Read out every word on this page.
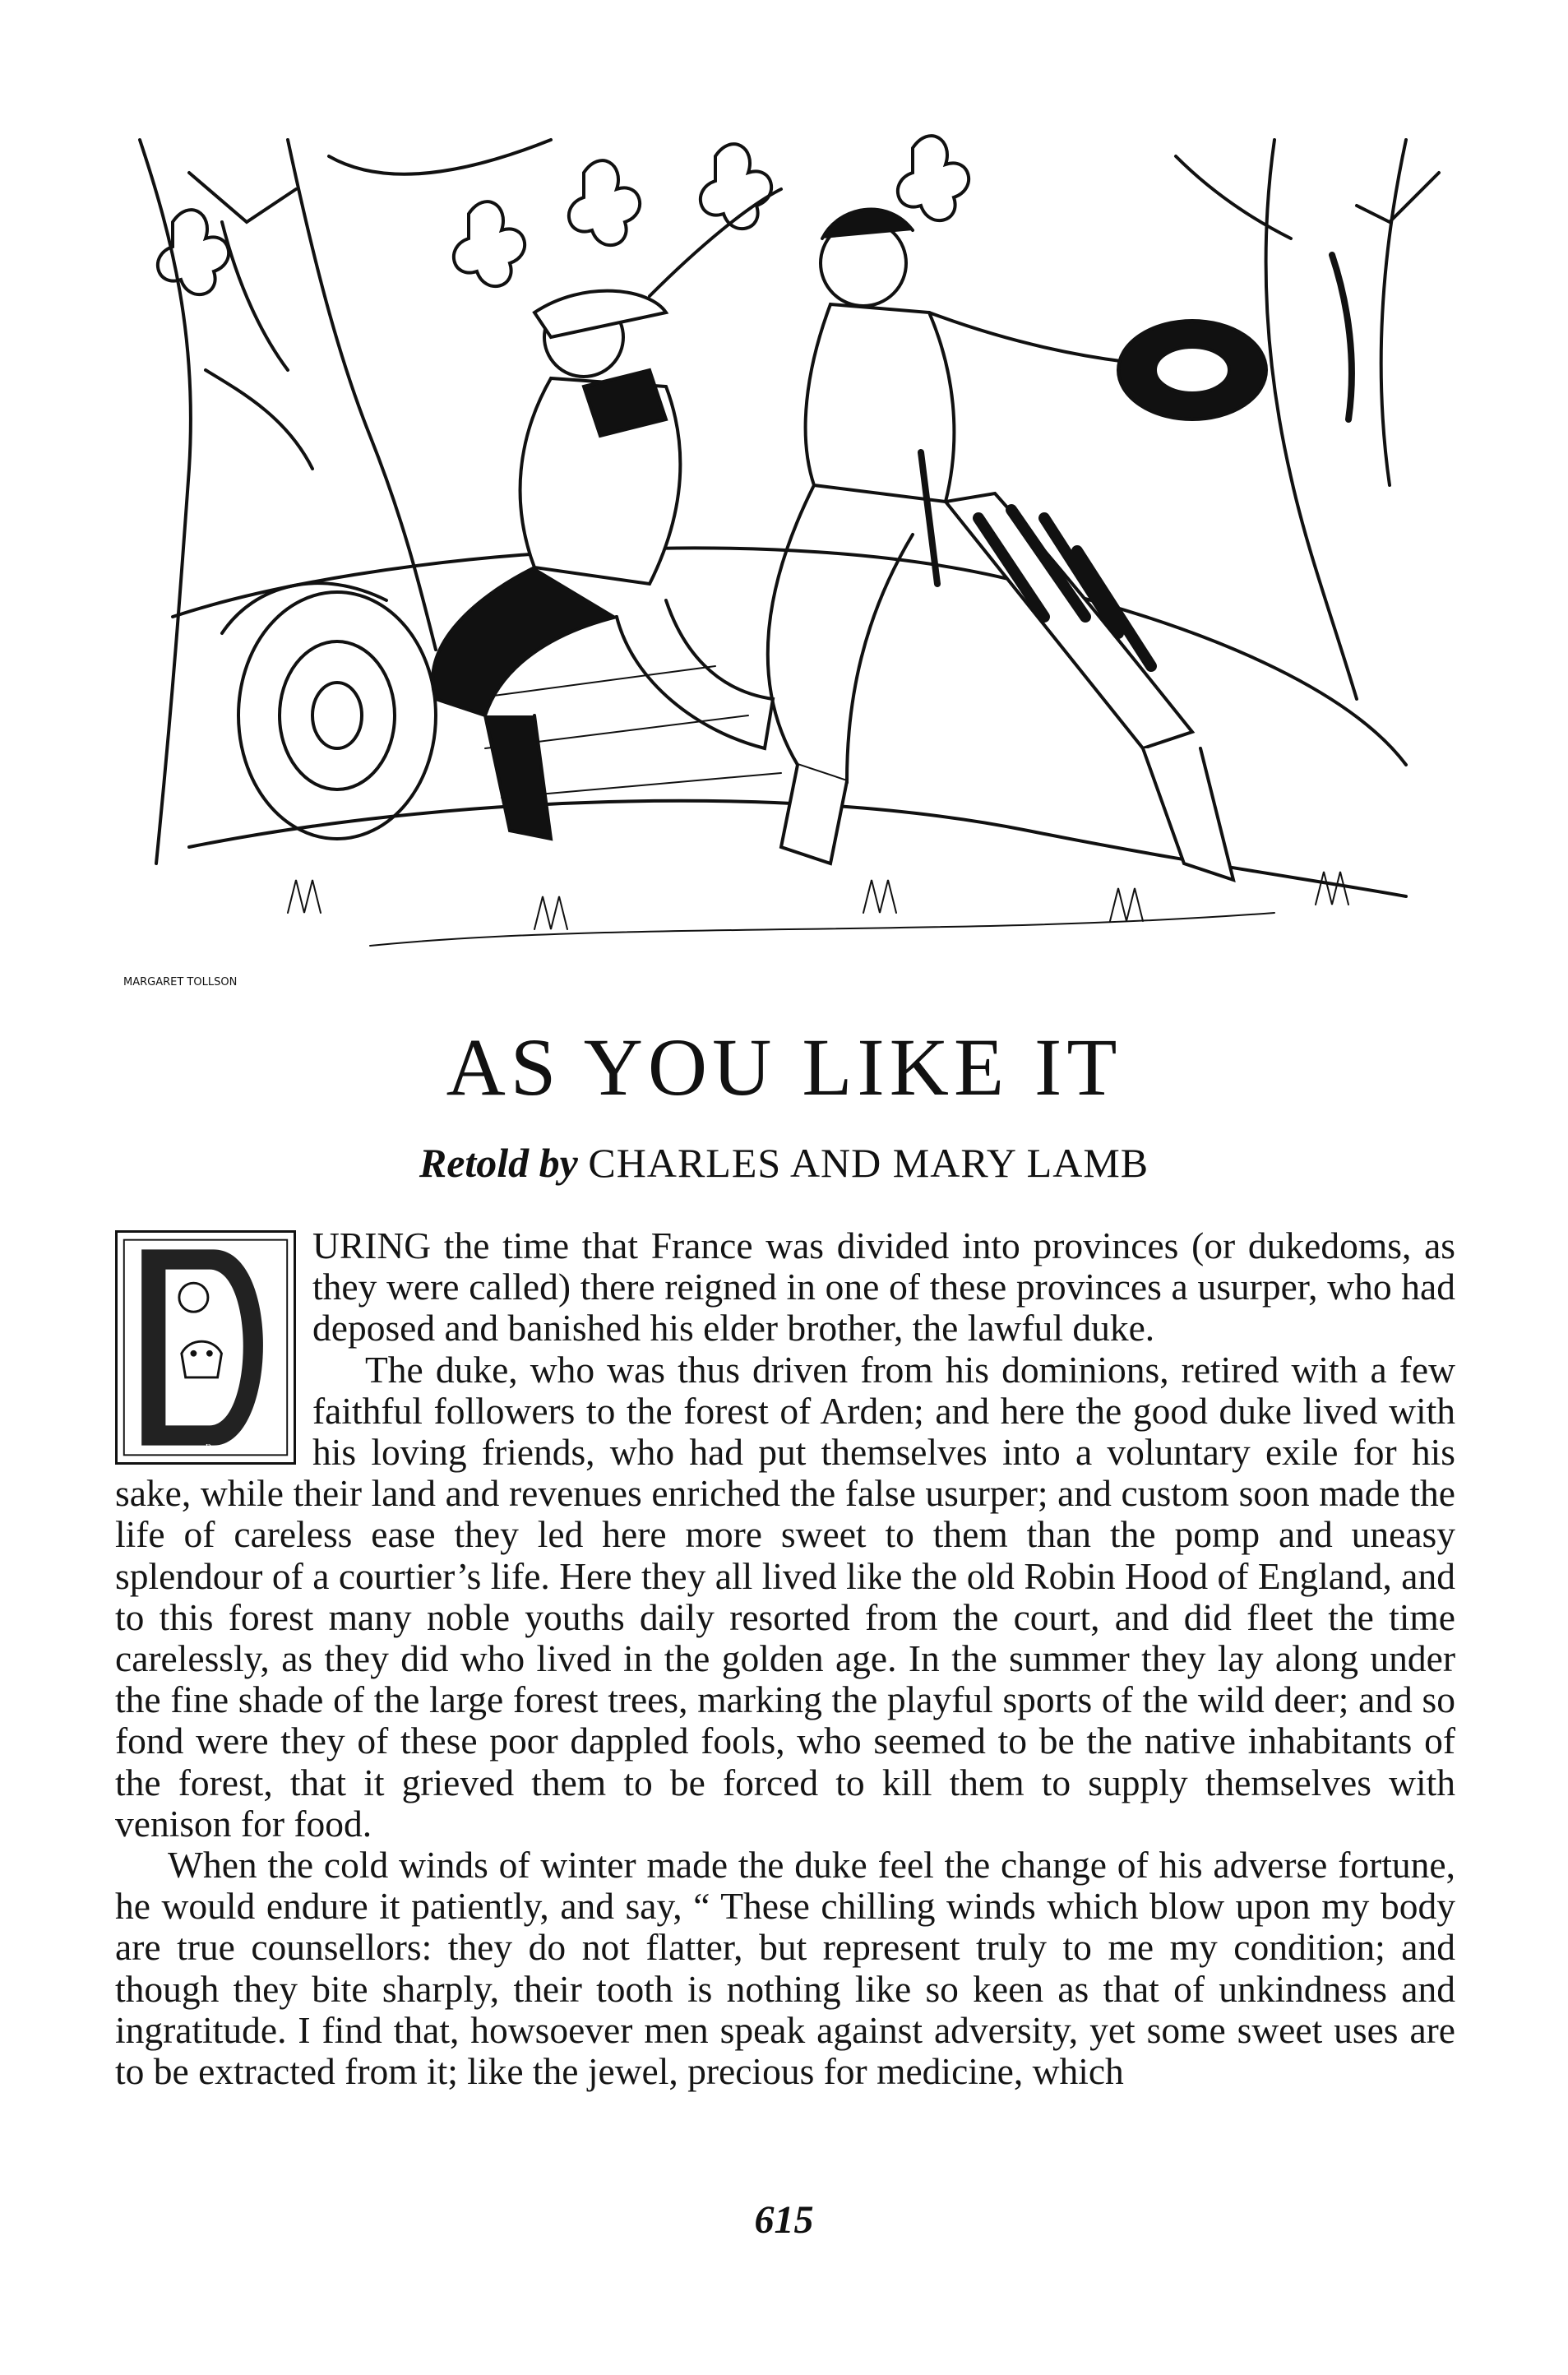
MARGARET TOLLSON
AS YOU LIKE IT
Retold by CHARLES AND MARY LAMB
D

URING the time that France was divided into provinces (or dukedoms, as they were called) there reigned in one of these provinces a usurper, who had deposed and banished his elder brother, the lawful duke.

The duke, who was thus driven from his dominions, retired with a few faithful followers to the forest of Arden; and here the good duke lived with his loving friends, who had put themselves into a voluntary exile for his sake, while their land and revenues enriched the false usurper; and custom soon made the life of careless ease they led here more sweet to them than the pomp and uneasy splendour of a courtier’s life. Here they all lived like the old Robin Hood of England, and to this forest many noble youths daily resorted from the court, and did fleet the time carelessly, as they did who lived in the golden age. In the summer they lay along under the fine shade of the large forest trees, marking the playful sports of the wild deer; and so fond were they of these poor dappled fools, who seemed to be the native inhabitants of the forest, that it grieved them to be forced to kill them to supply themselves with venison for food.

When the cold winds of winter made the duke feel the change of his adverse fortune, he would endure it patiently, and say, “ These chilling winds which blow upon my body are true counsellors: they do not flatter, but represent truly to me my condition; and though they bite sharply, their tooth is nothing like so keen as that of unkindness and ingratitude. I find that, howsoever men speak against adversity, yet some sweet uses are to be extracted from it; like the jewel, precious for medicine, which

615
